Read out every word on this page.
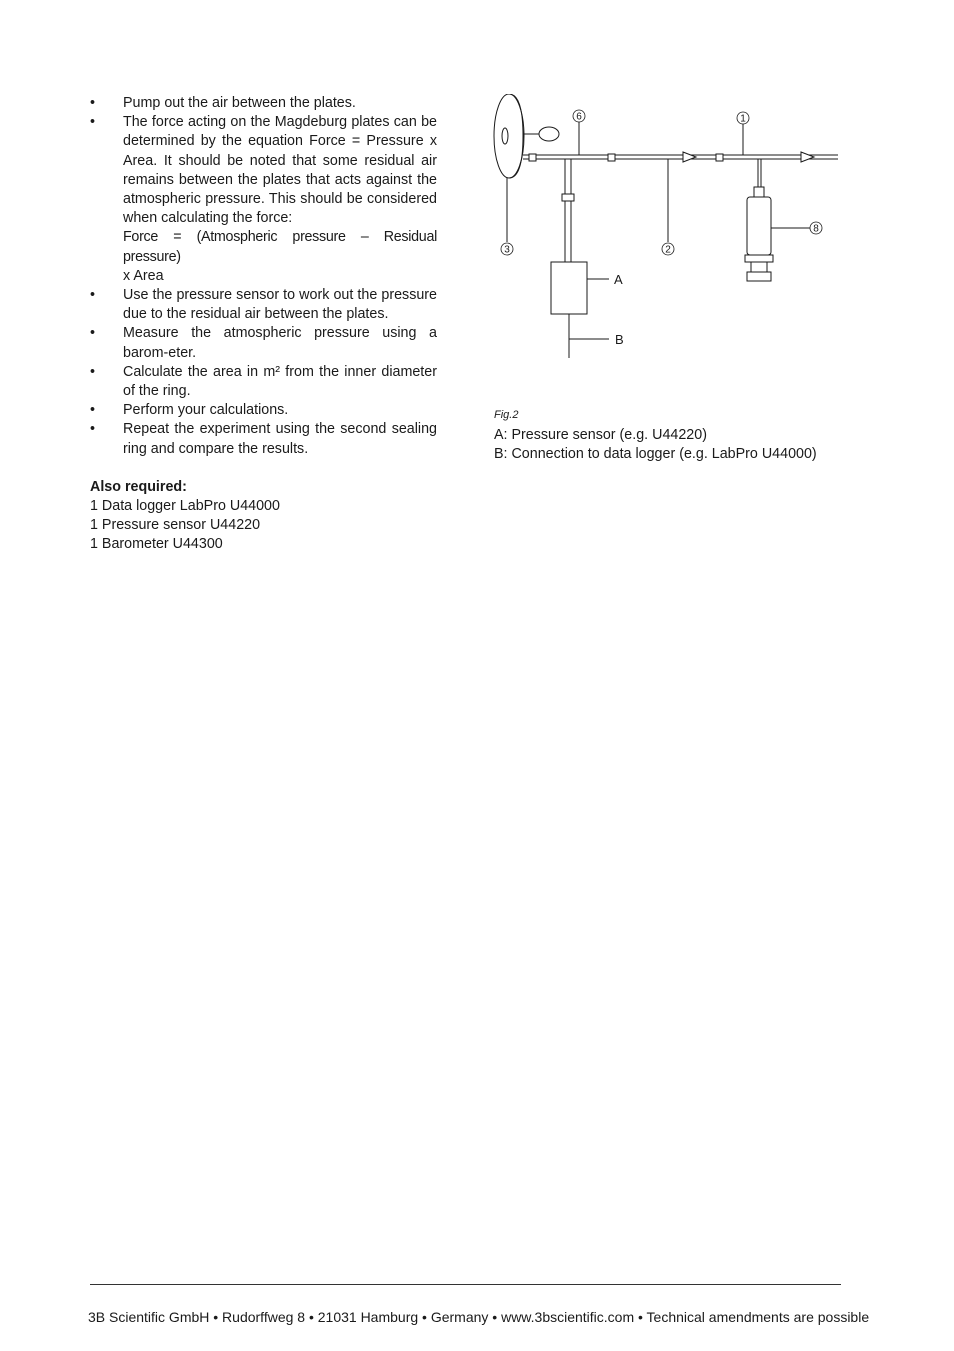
• Pump out the air between the plates.
• The force acting on the Magdeburg plates can be determined by the equation Force = Pressure x Area. It should be noted that some residual air remains between the plates that acts against the atmospheric pressure. This should be considered when calculating the force:
Force = (Atmospheric pressure – Residual pressure)
x Area
• Use the pressure sensor to work out the pressure due to the residual air between the plates.
• Measure the atmospheric pressure using a barom-eter.
• Calculate the area in m² from the inner diameter of the ring.
• Perform your calculations.
• Repeat the experiment using the second sealing ring and compare the results.
Also required:
1 Data logger LabPro U44000
1 Pressure sensor U44220
1 Barometer U44300
6	1
3	2
8
A
B
Fig.2
A: Pressure sensor (e.g. U44220)
B: Connection to data logger (e.g. LabPro U44000)
3B Scientific GmbH • Rudorffweg 8 • 21031 Hamburg • Germany • www.3bscientific.com • Technical amendments are possible
